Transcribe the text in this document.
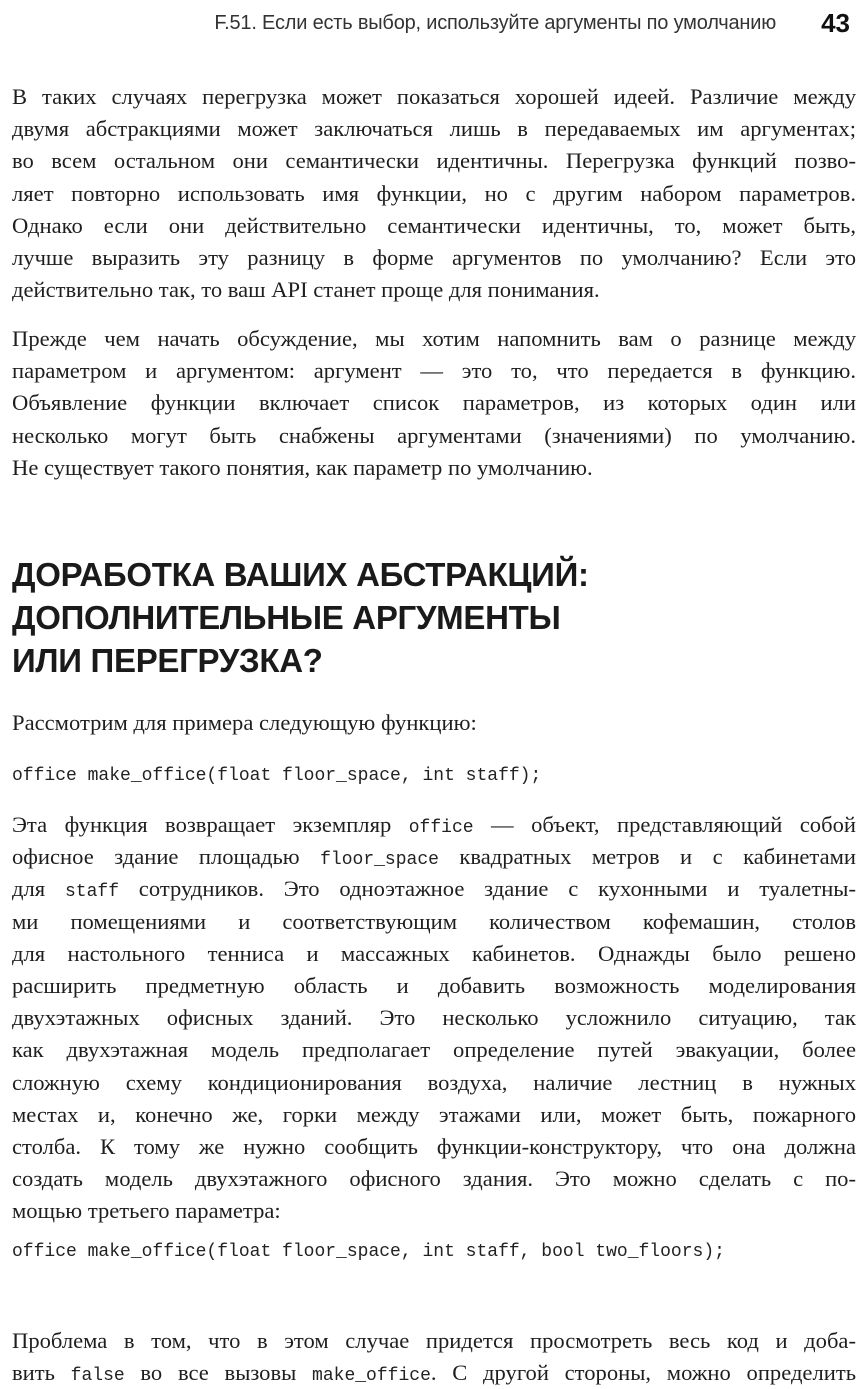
F.51. Если есть выбор, используйте аргументы по умолчанию 43
В таких случаях перегрузка может показаться хорошей идеей. Различие между
двумя абстракциями может заключаться лишь в передаваемых им аргументах;
во всем остальном они семантически идентичны. Перегрузка функций позво-
ляет повторно использовать имя функции, но с другим набором параметров.
Однако если они действительно семантически идентичны, то, может быть,
лучше выразить эту разницу в форме аргументов по умолчанию? Если это
действительно так, то ваш API станет проще для понимания.
Прежде чем начать обсуждение, мы хотим напомнить вам о разнице между
параметром и аргументом: аргумент — это то, что передается в функцию.
Объявление функции включает список параметров, из которых один или
несколько могут быть снабжены аргументами (значениями) по умолчанию.
Не существует такого понятия, как параметр по умолчанию.
ДОРАБОТКА ВАШИХ АБСТРАКЦИЙ:
ДОПОЛНИТЕЛЬНЫЕ АРГУМЕНТЫ
ИЛИ ПЕРЕГРУЗКА?
Рассмотрим для примера следующую функцию:
office make_office(float floor_space, int staff);
Эта функция возвращает экземпляр office — объект, представляющий собой
офисное здание площадью floor_space квадратных метров и с кабинетами
для staff сотрудников. Это одноэтажное здание с кухонными и туалетны-
ми помещениями и соответствующим количеством кофемашин, столов
для настольного тенниса и массажных кабинетов. Однажды было решено
расширить предметную область и добавить возможность моделирования
двухэтажных офисных зданий. Это несколько усложнило ситуацию, так
как двухэтажная модель предполагает определение путей эвакуации, более
сложную схему кондиционирования воздуха, наличие лестниц в нужных
местах и, конечно же, горки между этажами или, может быть, пожарного
столба. К тому же нужно сообщить функции-конструктору, что она должна
создать модель двухэтажного офисного здания. Это можно сделать с по-
мощью третьего параметра:
office make_office(float floor_space, int staff, bool two_floors);
Проблема в том, что в этом случае придется просмотреть весь код и доба-
вить false во все вызовы make_office. С другой стороны, можно определить
